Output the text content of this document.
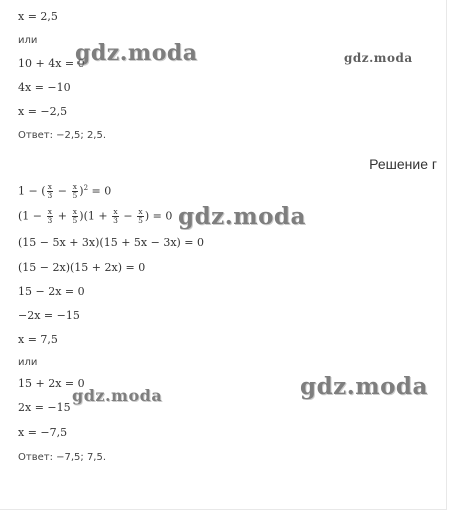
x = 2,5
или
10 + 4x = 0
4x = −10
x = −2,5
Ответ: −2,5; 2,5.
Решение г
1 − ( $\frac{x}{3} - \frac{x}{5} )^2 = 0$
$(1 - \frac{x}{3} + \frac{x}{5} )(1 + \frac{x}{3} - \frac{x}{5}$ ) = 0
(15 − 5x + 3x)(15 + 5x − 3x) = 0
(15 − 2x)(15 + 2x) = 0
15 − 2x = 0
−2x = −15
x = 7,5
или
15 + 2x = 0
2x = −15
x = −7,5
Ответ: −7,5; 7,5.
gdz.moda	gdz.moda
gdz.moda
gdz.moda
gdz.moda
